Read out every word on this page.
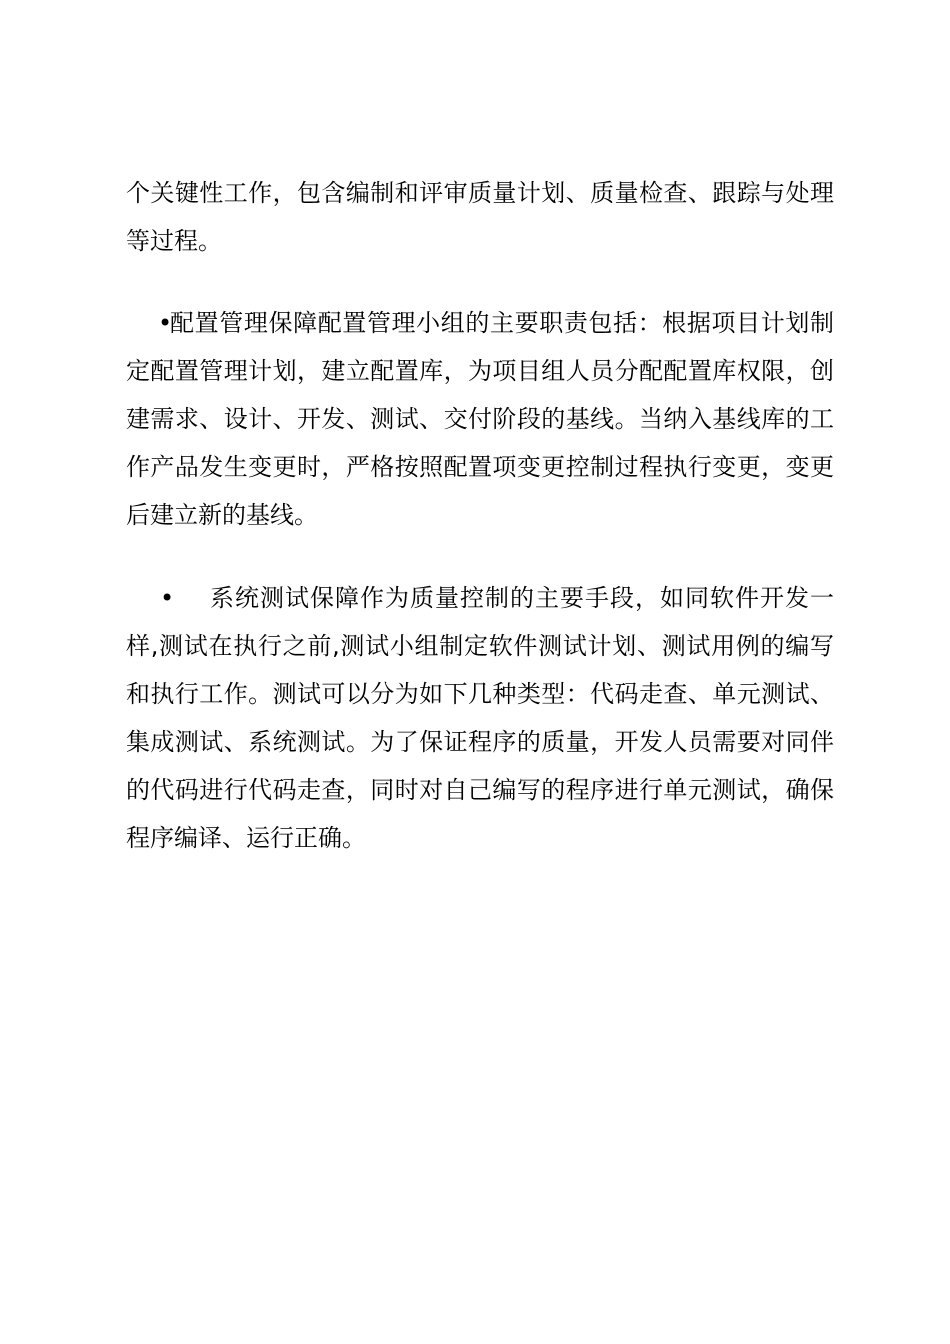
个关键性工作，包含编制和评审质量计划、质量检查、跟踪与处理
等过程。
•
配置管理保障配置管理小组的主要职责包括：根据项目计划制
定配置管理计划，建立配置库，为项目组人员分配配置库权限，创
建需求、设计、开发、测试、交付阶段的基线。当纳入基线库的工
作产品发生变更时，严格按照配置项变更控制过程执行变更，变更
后建立新的基线。
• 系统测试保障作为质量控制的主要手段，如同软件开发一
样,测试在执行之前,测试小组制定软件测试计划、测试用例的编写
和执行工作。测试可以分为如下几种类型：代码走查、单元测试、
集成测试、系统测试。为了保证程序的质量，开发人员需要对同伴
的代码进行代码走查，同时对自己编写的程序进行单元测试，确保
程序编译、运行正确。
